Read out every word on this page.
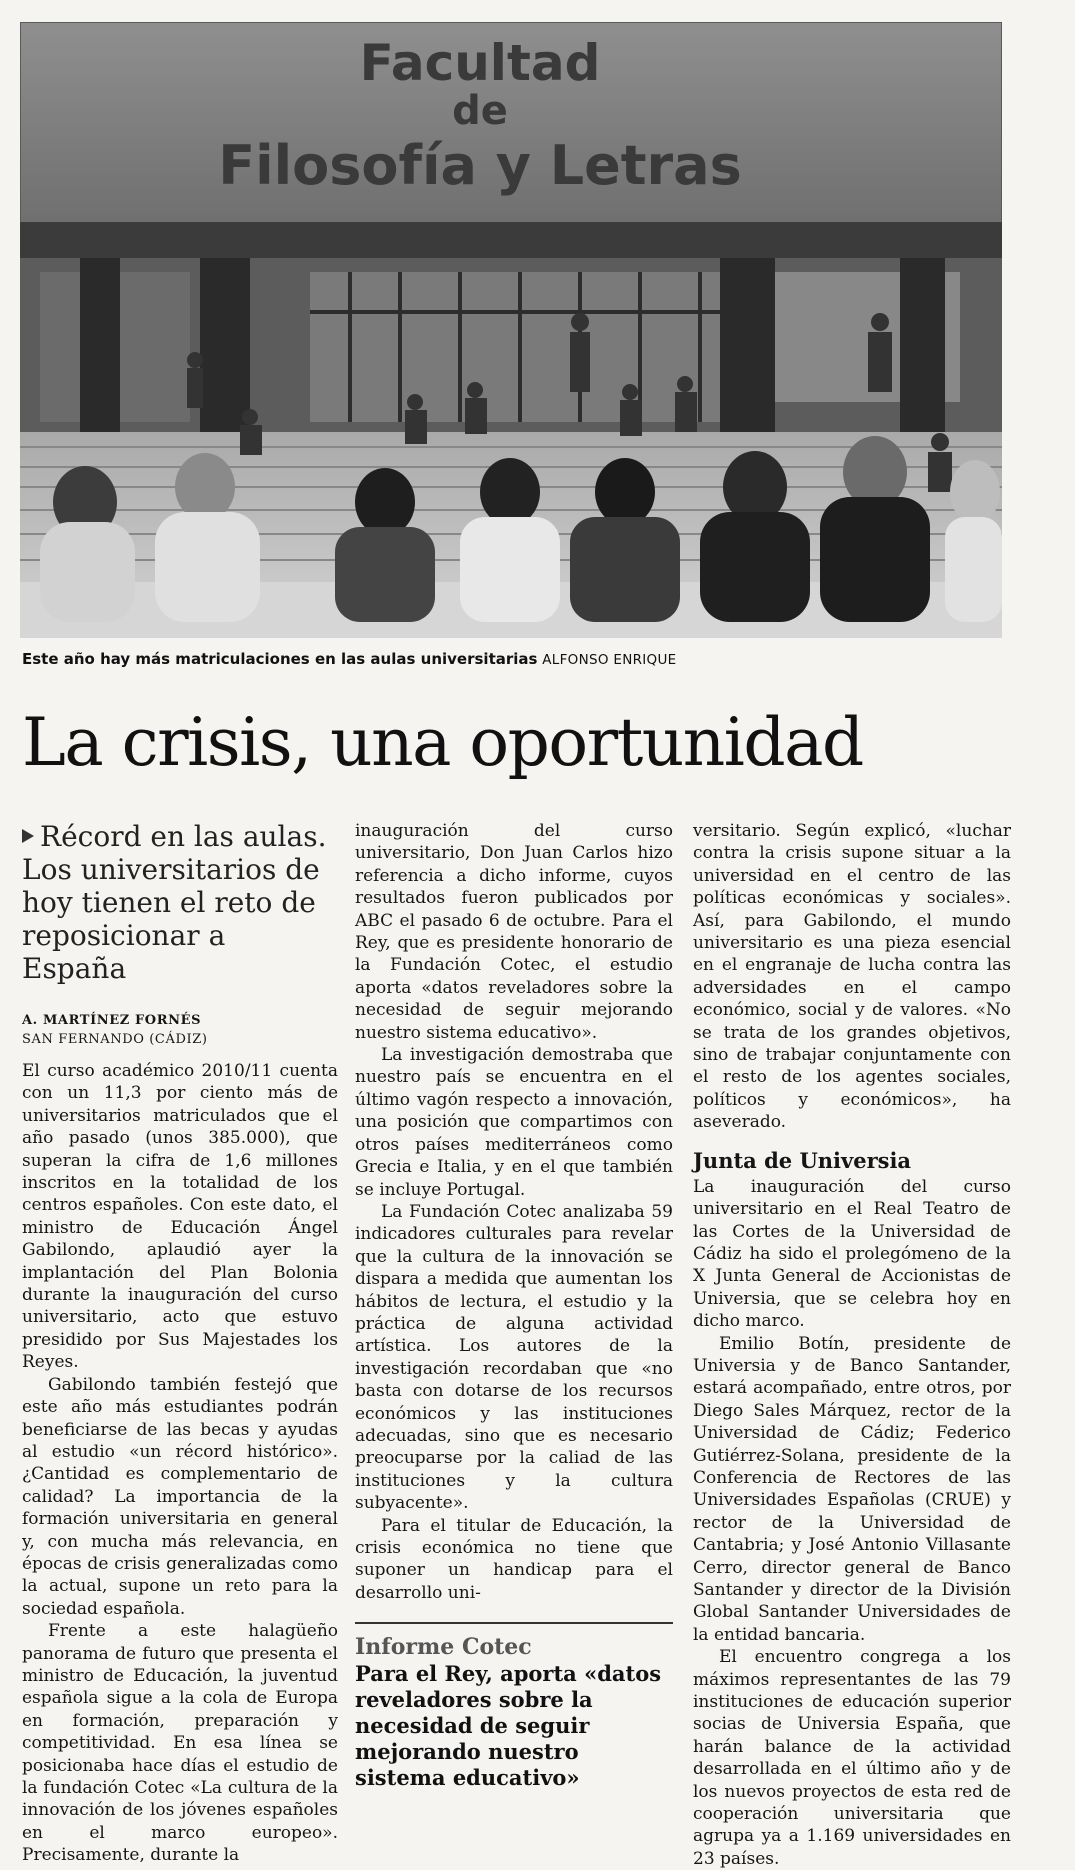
Facultad
de
Filosofía y Letras
Este año hay más matriculaciones en las aulas universitarias ALFONSO ENRIQUE
La crisis, una oportunidad
Récord en las aulas. Los universitarios de hoy tienen el reto de reposicionar a España
A. MARTÍNEZ FORNÉS
SAN FERNANDO (CÁDIZ)

El curso académico 2010/11 cuenta con un 11,3 por ciento más de universitarios matriculados que el año pasado (unos 385.000), que superan la cifra de 1,6 millones inscritos en la totalidad de los centros españoles. Con este dato, el ministro de Educación Ángel Gabilondo, aplaudió ayer la implantación del Plan Bolonia durante la inauguración del curso universitario, acto que estuvo presidido por Sus Majestades los Reyes.

Gabilondo también festejó que este año más estudiantes podrán beneficiarse de las becas y ayudas al estudio «un récord histórico». ¿Cantidad es complementario de calidad? La importancia de la formación universitaria en general y, con mucha más relevancia, en épocas de crisis generalizadas como la actual, supone un reto para la sociedad española.

Frente a este halagüeño panorama de futuro que presenta el ministro de Educación, la juventud española sigue a la cola de Europa en formación, preparación y competitividad. En esa línea se posicionaba hace días el estudio de la fundación Cotec «La cultura de la innovación de los jóvenes españoles en el marco europeo». Precisamente, durante la

inauguración del curso universitario, Don Juan Carlos hizo referencia a dicho informe, cuyos resultados fueron publicados por ABC el pasado 6 de octubre. Para el Rey, que es presidente honorario de la Fundación Cotec, el estudio aporta «datos reveladores sobre la necesidad de seguir mejorando nuestro sistema educativo».

La investigación demostraba que nuestro país se encuentra en el último vagón respecto a innovación, una posición que compartimos con otros países mediterráneos como Grecia e Italia, y en el que también se incluye Portugal.

La Fundación Cotec analizaba 59 indicadores culturales para revelar que la cultura de la innovación se dispara a medida que aumentan los hábitos de lectura, el estudio y la práctica de alguna actividad artística. Los autores de la investigación recordaban que «no basta con dotarse de los recursos económicos y las instituciones adecuadas, sino que es necesario preocuparse por la caliad de las instituciones y la cultura subyacente».

Para el titular de Educación, la crisis económica no tiene que suponer un handicap para el desarrollo uni-

Informe Cotec
Para el Rey, aporta «datos reveladores sobre la necesidad de seguir mejorando nuestro sistema educativo»

versitario. Según explicó, «luchar contra la crisis supone situar a la universidad en el centro de las políticas económicas y sociales». Así, para Gabilondo, el mundo universitario es una pieza esencial en el engranaje de lucha contra las adversidades en el campo económico, social y de valores. «No se trata de los grandes objetivos, sino de trabajar conjuntamente con el resto de los agentes sociales, políticos y económicos», ha aseverado.

Junta de Universia

La inauguración del curso universitario en el Real Teatro de las Cortes de la Universidad de Cádiz ha sido el prolegómeno de la X Junta General de Accionistas de Universia, que se celebra hoy en dicho marco.

Emilio Botín, presidente de Universia y de Banco Santander, estará acompañado, entre otros, por Diego Sales Márquez, rector de la Universidad de Cádiz; Federico Gutiérrez-Solana, presidente de la Conferencia de Rectores de las Universidades Españolas (CRUE) y rector de la Universidad de Cantabria; y José Antonio Villasante Cerro, director general de Banco Santander y director de la División Global Santander Universidades de la entidad bancaria.

El encuentro congrega a los máximos representantes de las 79 instituciones de educación superior socias de Universia España, que harán balance de la actividad desarrollada en el último año y de los nuevos proyectos de esta red de cooperación universitaria que agrupa ya a 1.169 universidades en 23 países.
